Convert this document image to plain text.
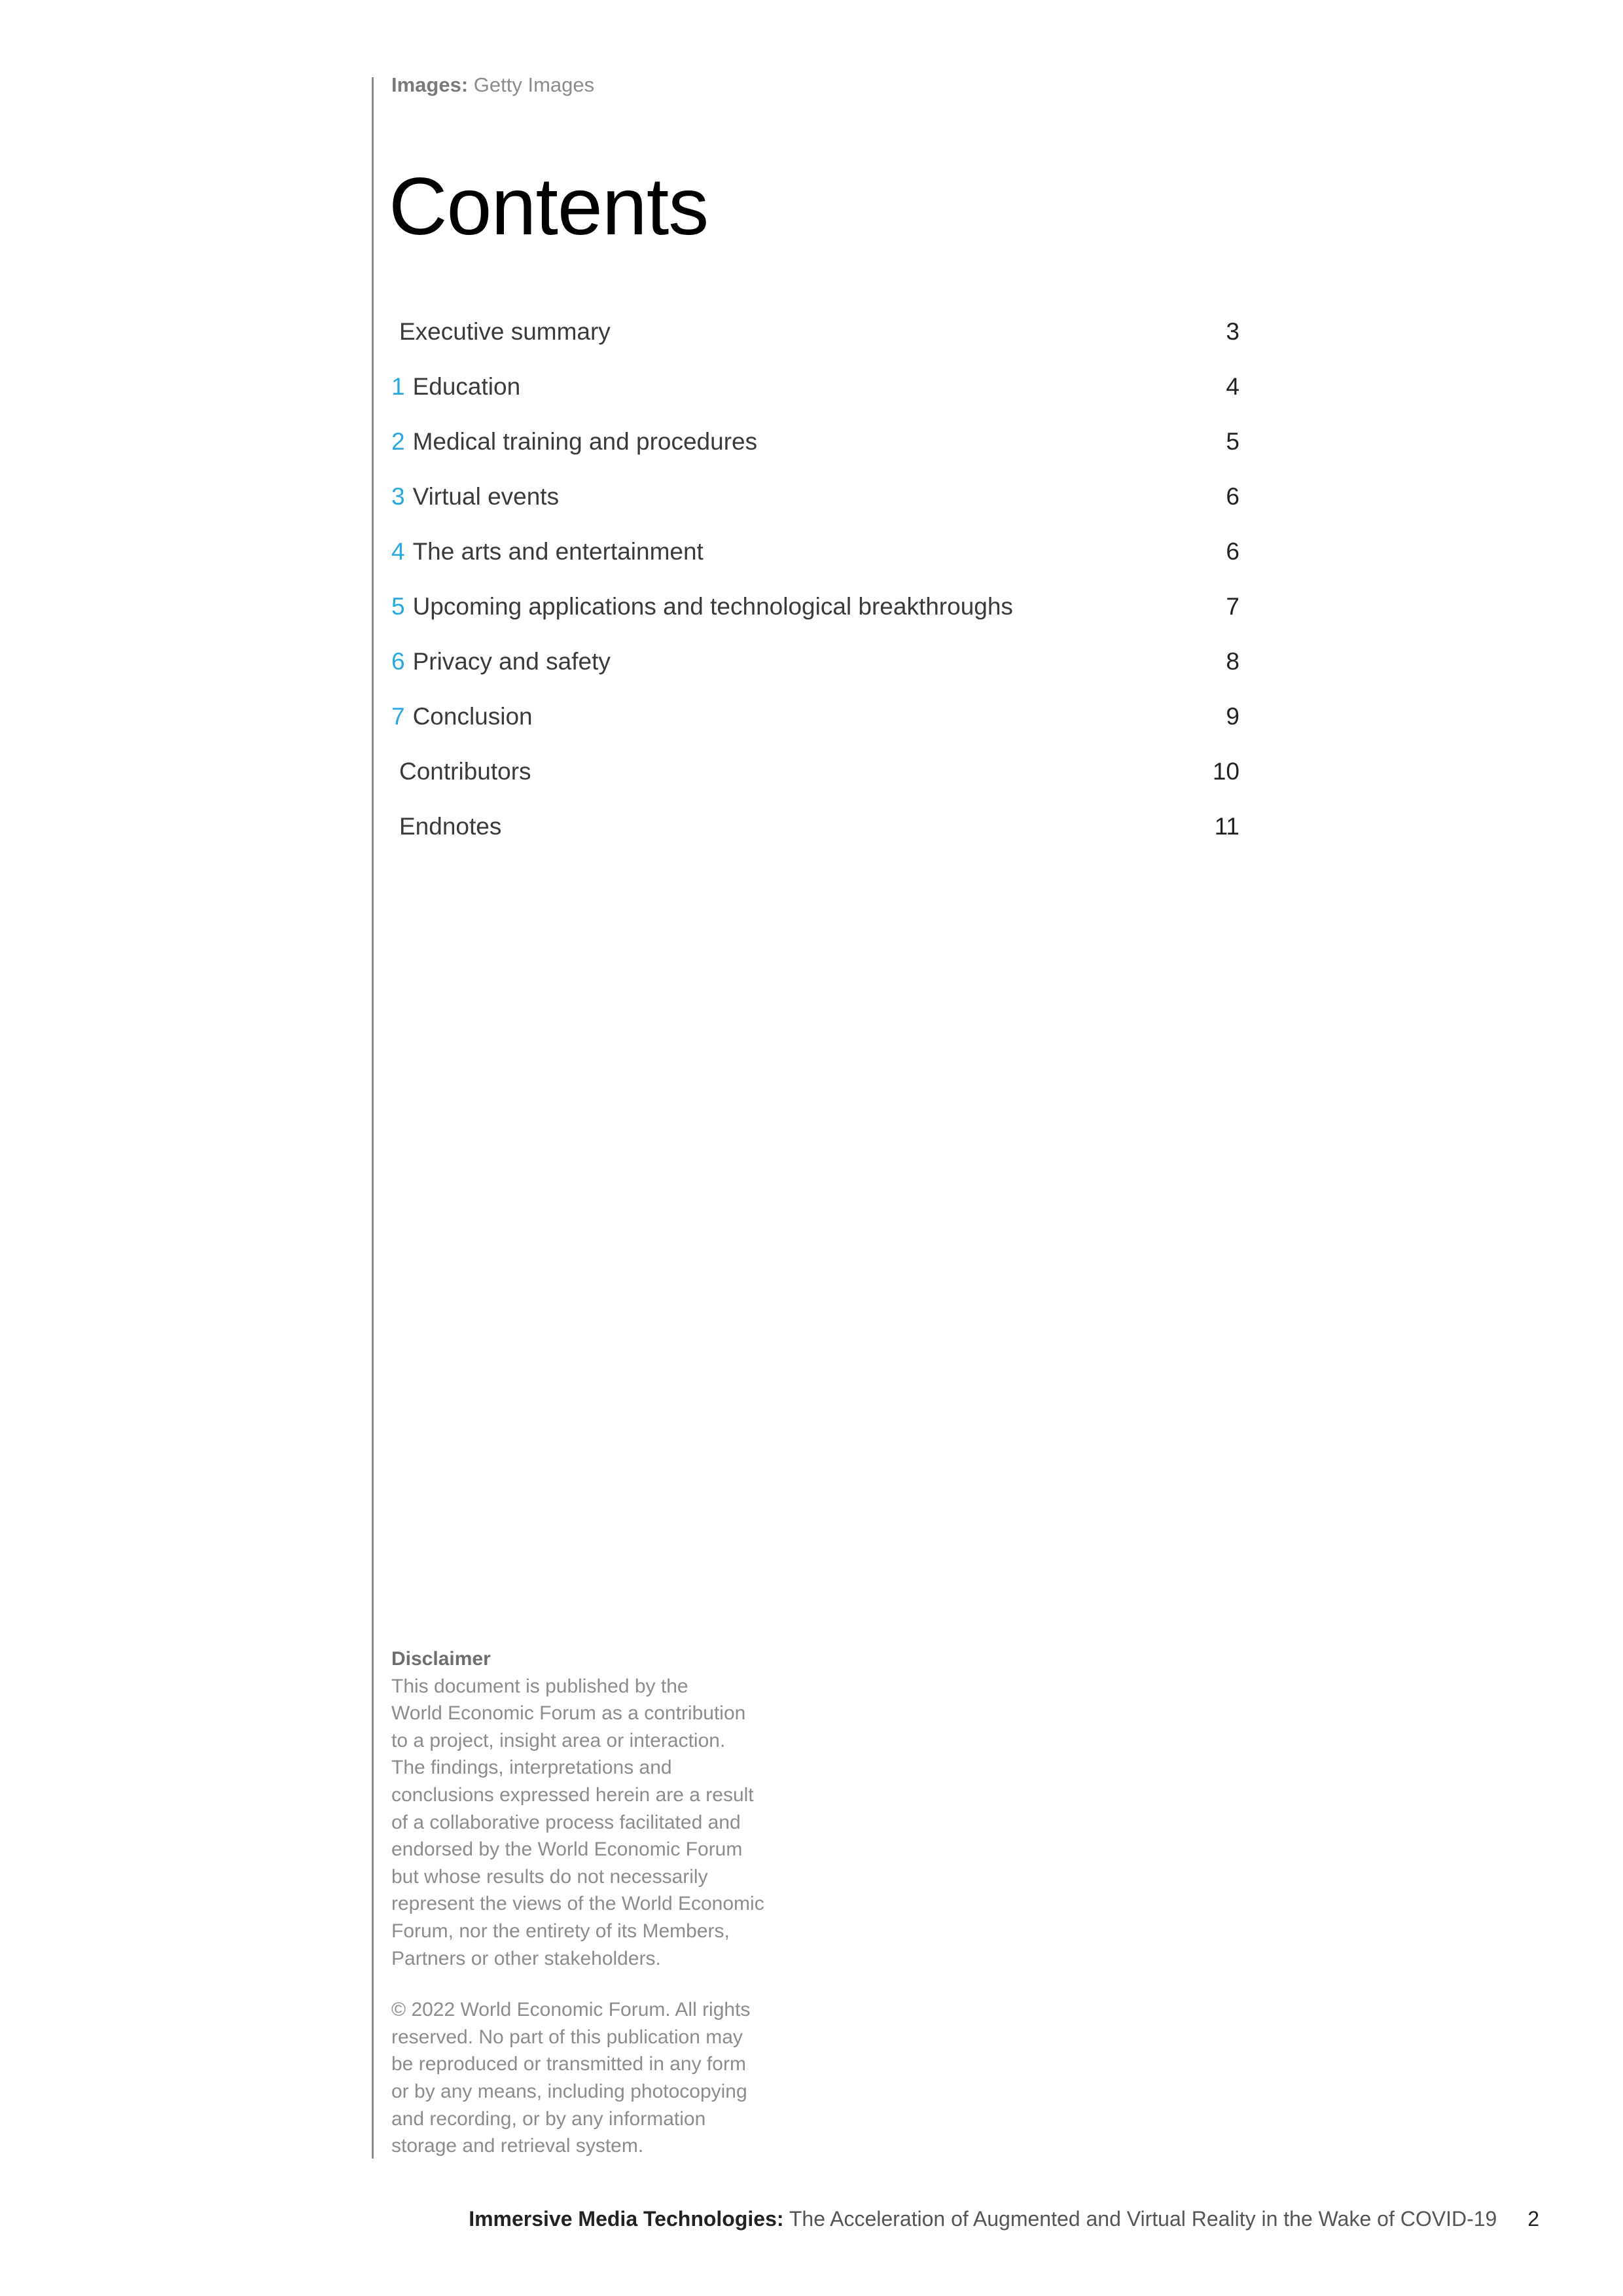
Images: Getty Images
Contents
Executive summary	3
1 Education	4
2 Medical training and procedures	5
3 Virtual events	6
4 The arts and entertainment	6
5 Upcoming applications and technological breakthroughs	7
6 Privacy and safety	8
7 Conclusion	9
Contributors	10
Endnotes	11

Disclaimer

This document is published by the

World Economic Forum as a contribution

to a project, insight area or interaction.

The findings, interpretations and

conclusions expressed herein are a result

of a collaborative process facilitated and

endorsed by the World Economic Forum

but whose results do not necessarily

represent the views of the World Economic

Forum, nor the entirety of its Members,

Partners or other stakeholders.

© 2022 World Economic Forum. All rights

reserved. No part of this publication may

be reproduced or transmitted in any form

or by any means, including photocopying

and recording, or by any information

storage and retrieval system.

Immersive Media Technologies: The Acceleration of Augmented and Virtual Reality in the Wake of COVID-19 2
